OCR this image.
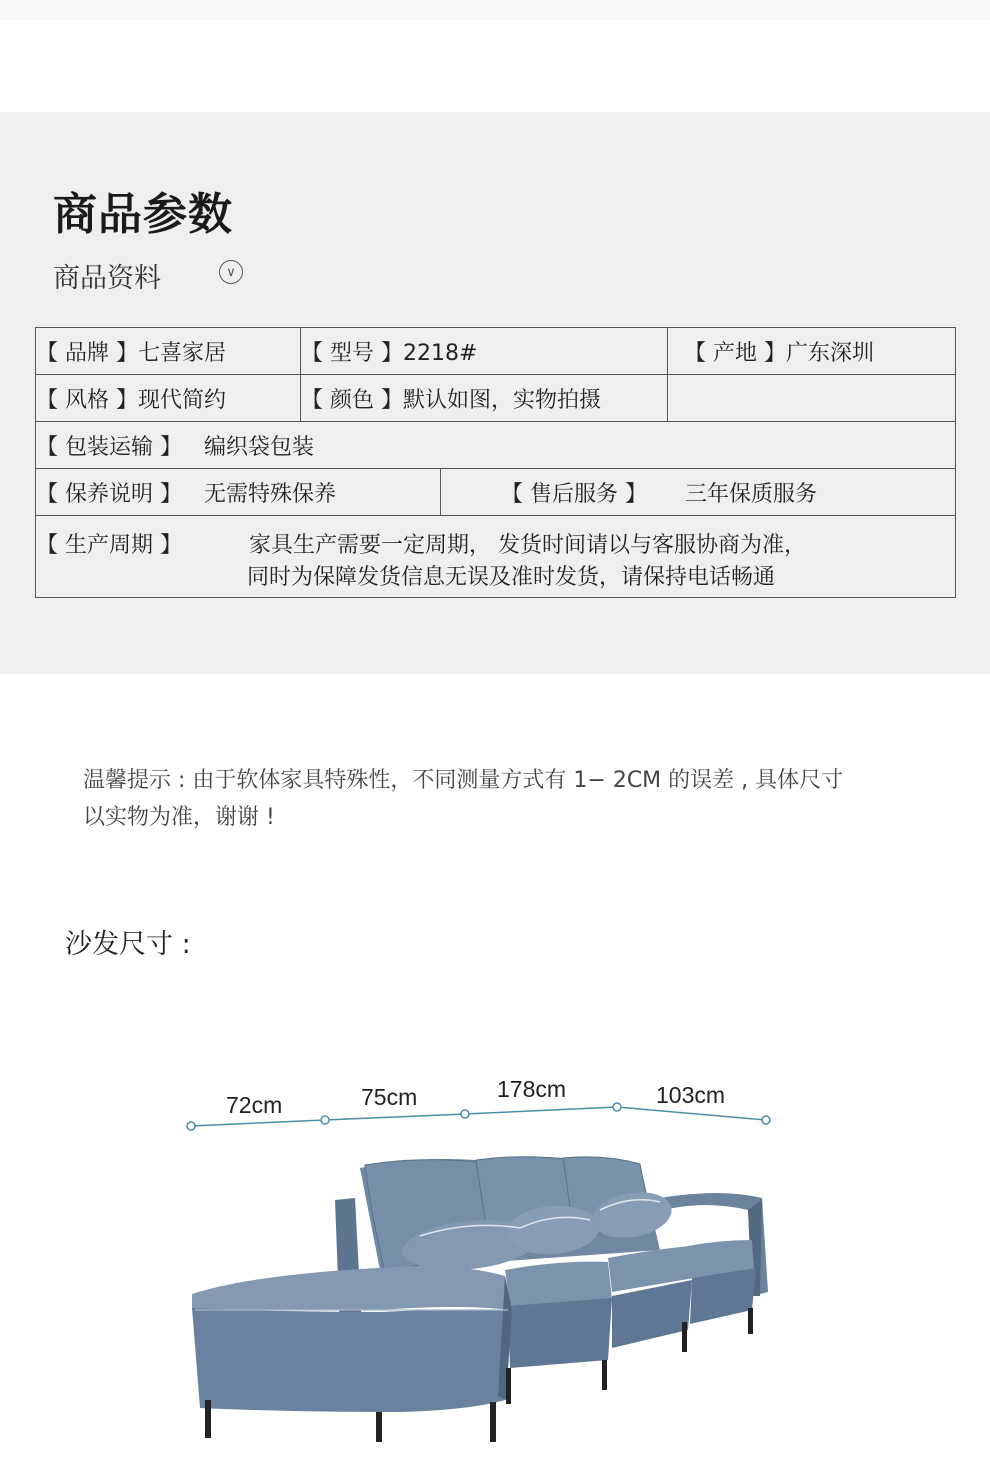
商品参数
商品资料	∨
【 品牌 】七喜家居	【 型号 】2218#		【 产地 】广东深圳
【 风格 】现代简约	【 颜色 】默认如图，实物拍摄		
【 包装运输 】 编织袋包装			
【 保养说明 】 无需特殊保养		【 售后服务 】 三年保质服务	

【 生产周期 】 家具生产需要一定周期， 发货时间请以与客服协商为准，
同时为保障发货信息无误及准时发货，请保持电话畅通			
温馨提示 : 由于软体家具特殊性，不同测量方式有 1− 2CM 的误差 , 具体尺寸
以实物为准，谢谢 !
沙发尺寸 :
72cm	75cm	178cm	103cm
